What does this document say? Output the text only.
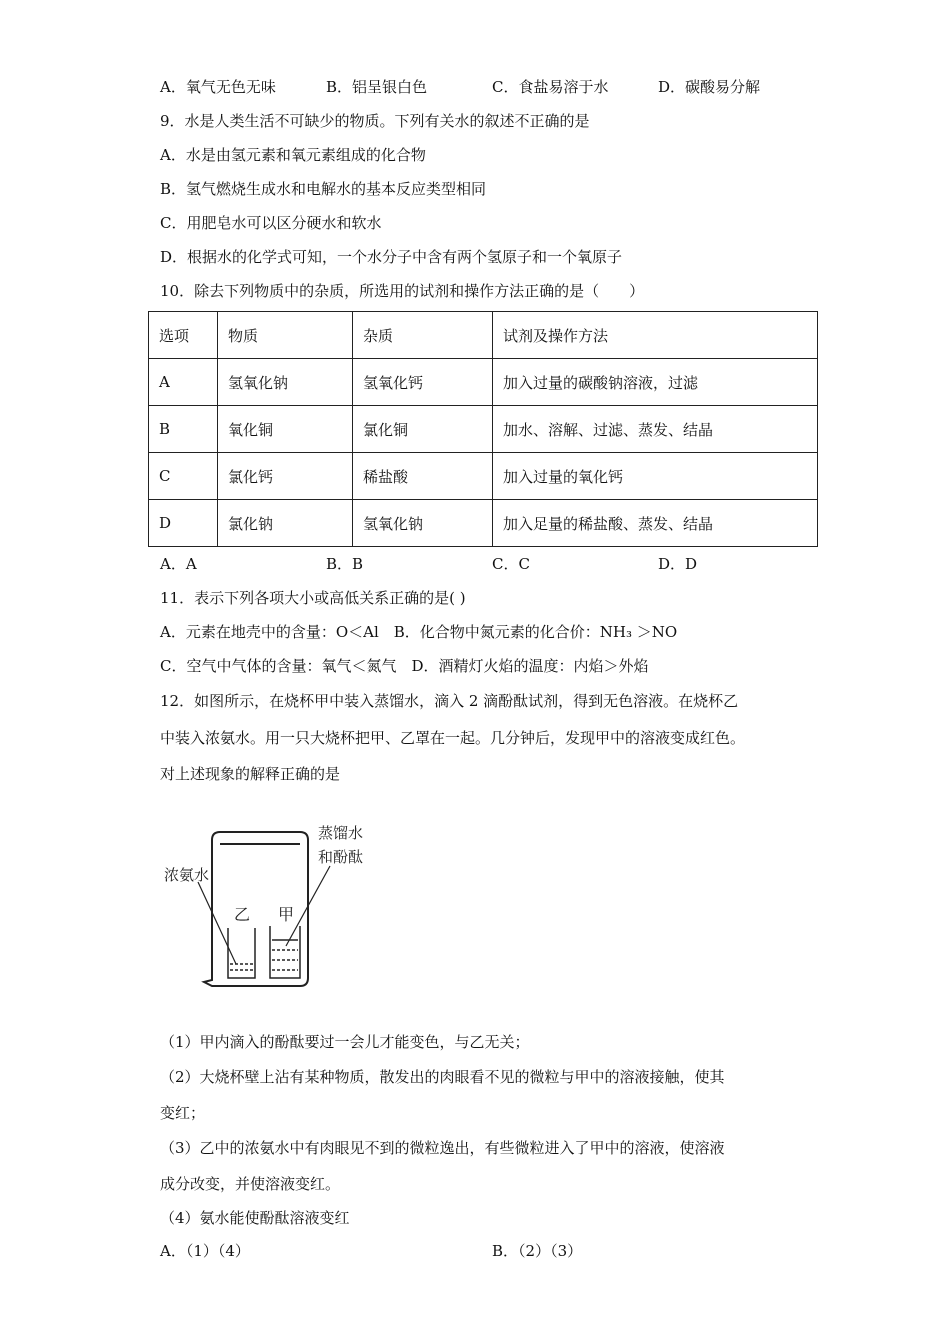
A．氧气无色无味	B．铝呈银白色	C．食盐易溶于水	D．碳酸易分解
9．水是人类生活不可缺少的物质。下列有关水的叙述不正确的是
A．水是由氢元素和氧元素组成的化合物
B．氢气燃烧生成水和电解水的基本反应类型相同
C．用肥皂水可以区分硬水和软水
D．根据水的化学式可知，一个水分子中含有两个氢原子和一个氧原子
10．除去下列物质中的杂质，所选用的试剂和操作方法正确的是（　　）
选项	物质	杂质	试剂及操作方法
A	氢氧化钠	氢氧化钙	加入过量的碳酸钠溶液，过滤
B	氧化铜	氯化铜	加水、溶解、过滤、蒸发、结晶
C	氯化钙	稀盐酸	加入过量的氧化钙
D	氯化钠	氢氧化钠	加入足量的稀盐酸、蒸发、结晶
A．A	B．B	C．C	D．D
11．表示下列各项大小或高低关系正确的是( )
A．元素在地壳中的含量：O＜Al　B．化合物中氮元素的化合价：NH₃ ＞NO
C．空气中气体的含量：氧气＜氮气　D．酒精灯火焰的温度：内焰＞外焰
12．如图所示，在烧杯甲中装入蒸馏水，滴入 2 滴酚酞试剂，得到无色溶液。在烧杯乙
中装入浓氨水。用一只大烧杯把甲、乙罩在一起。几分钟后，发现甲中的溶液变成红色。
对上述现象的解释正确的是
蒸馏水
和酚酞
浓氨水
乙 甲
（1）甲内滴入的酚酞要过一会儿才能变色，与乙无关；
（2）大烧杯壁上沾有某种物质，散发出的肉眼看不见的微粒与甲中的溶液接触，使其
变红；
（3）乙中的浓氨水中有肉眼见不到的微粒逸出，有些微粒进入了甲中的溶液，使溶液
成分改变，并使溶液变红。
（4）氨水能使酚酞溶液变红
A．（1）（4）	B．（2）（3）
